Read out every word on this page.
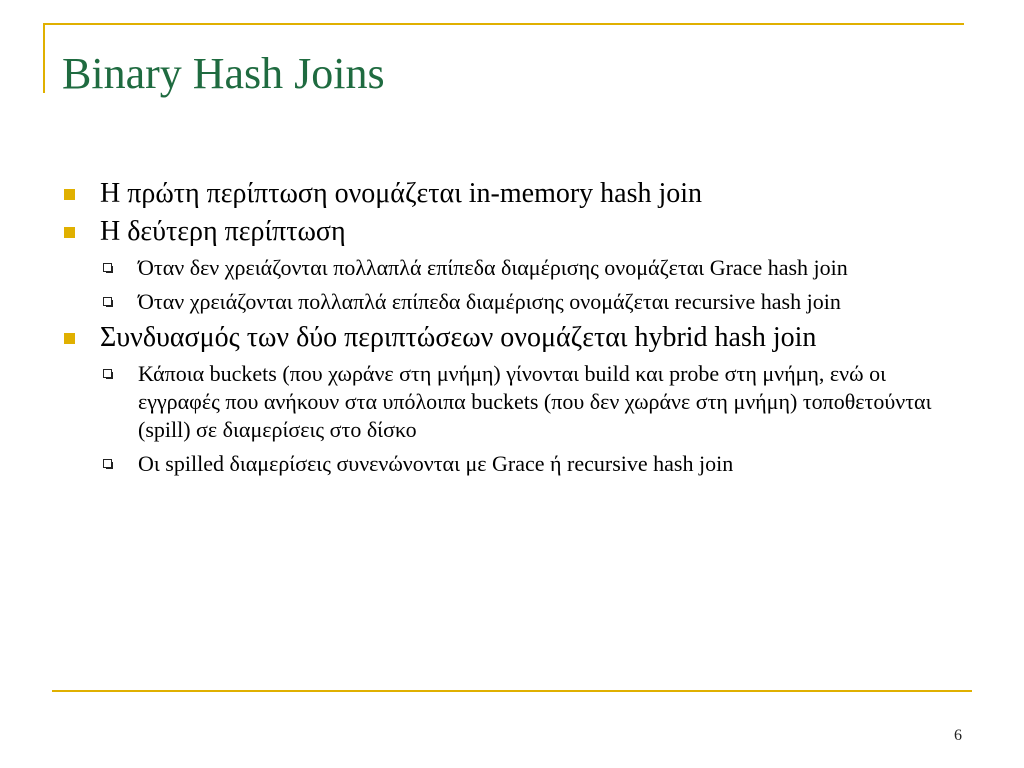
Binary Hash Joins
Η πρώτη περίπτωση ονομάζεται in-memory hash join
Η δεύτερη περίπτωση
Όταν δεν χρειάζονται πολλαπλά επίπεδα διαμέρισης ονομάζεται Grace hash join
Όταν χρειάζονται πολλαπλά επίπεδα διαμέρισης ονομάζεται recursive hash join
Συνδυασμός των δύο περιπτώσεων ονομάζεται hybrid hash join
Κάποια buckets (που χωράνε στη μνήμη) γίνονται build και probe στη μνήμη, ενώ οι εγγραφές που ανήκουν στα υπόλοιπα buckets (που δεν χωράνε στη μνήμη) τοποθετούνται (spill) σε διαμερίσεις στο δίσκο
Οι spilled διαμερίσεις συνενώνονται με Grace ή recursive hash join
6
